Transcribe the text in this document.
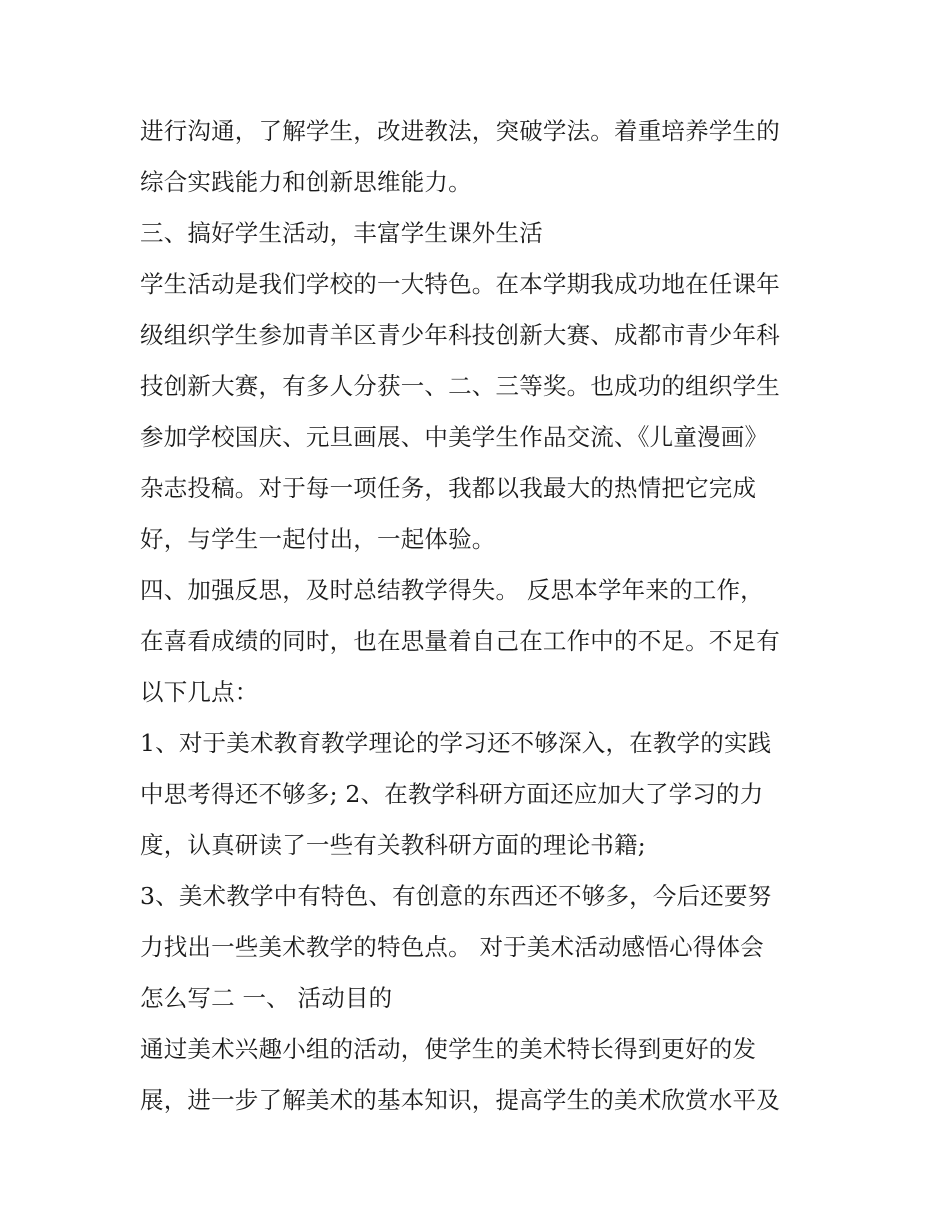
进行沟通，了解学生，改进教法，突破学法。着重培养学生的
综合实践能力和创新思维能力。
三、搞好学生活动，丰富学生课外生活
学生活动是我们学校的一大特色。在本学期我成功地在任课年
级组织学生参加青羊区青少年科技创新大赛、成都市青少年科
技创新大赛，有多人分获一、二、三等奖。也成功的组织学生
参加学校国庆、元旦画展、中美学生作品交流、《儿童漫画》
杂志投稿。对于每一项任务，我都以我最大的热情把它完成
好，与学生一起付出，一起体验。
四、加强反思，及时总结教学得失。 反思本学年来的工作，
在喜看成绩的同时，也在思量着自己在工作中的不足。不足有
以下几点：
1、对于美术教育教学理论的学习还不够深入，在教学的实践
中思考得还不够多; 2、在教学科研方面还应加大了学习的力
度，认真研读了一些有关教科研方面的理论书籍;
3、美术教学中有特色、有创意的东西还不够多，今后还要努
力找出一些美术教学的特色点。 对于美术活动感悟心得体会
怎么写二 一、 活动目的
通过美术兴趣小组的活动，使学生的美术特长得到更好的发
展，进一步了解美术的基本知识，提高学生的美术欣赏水平及
